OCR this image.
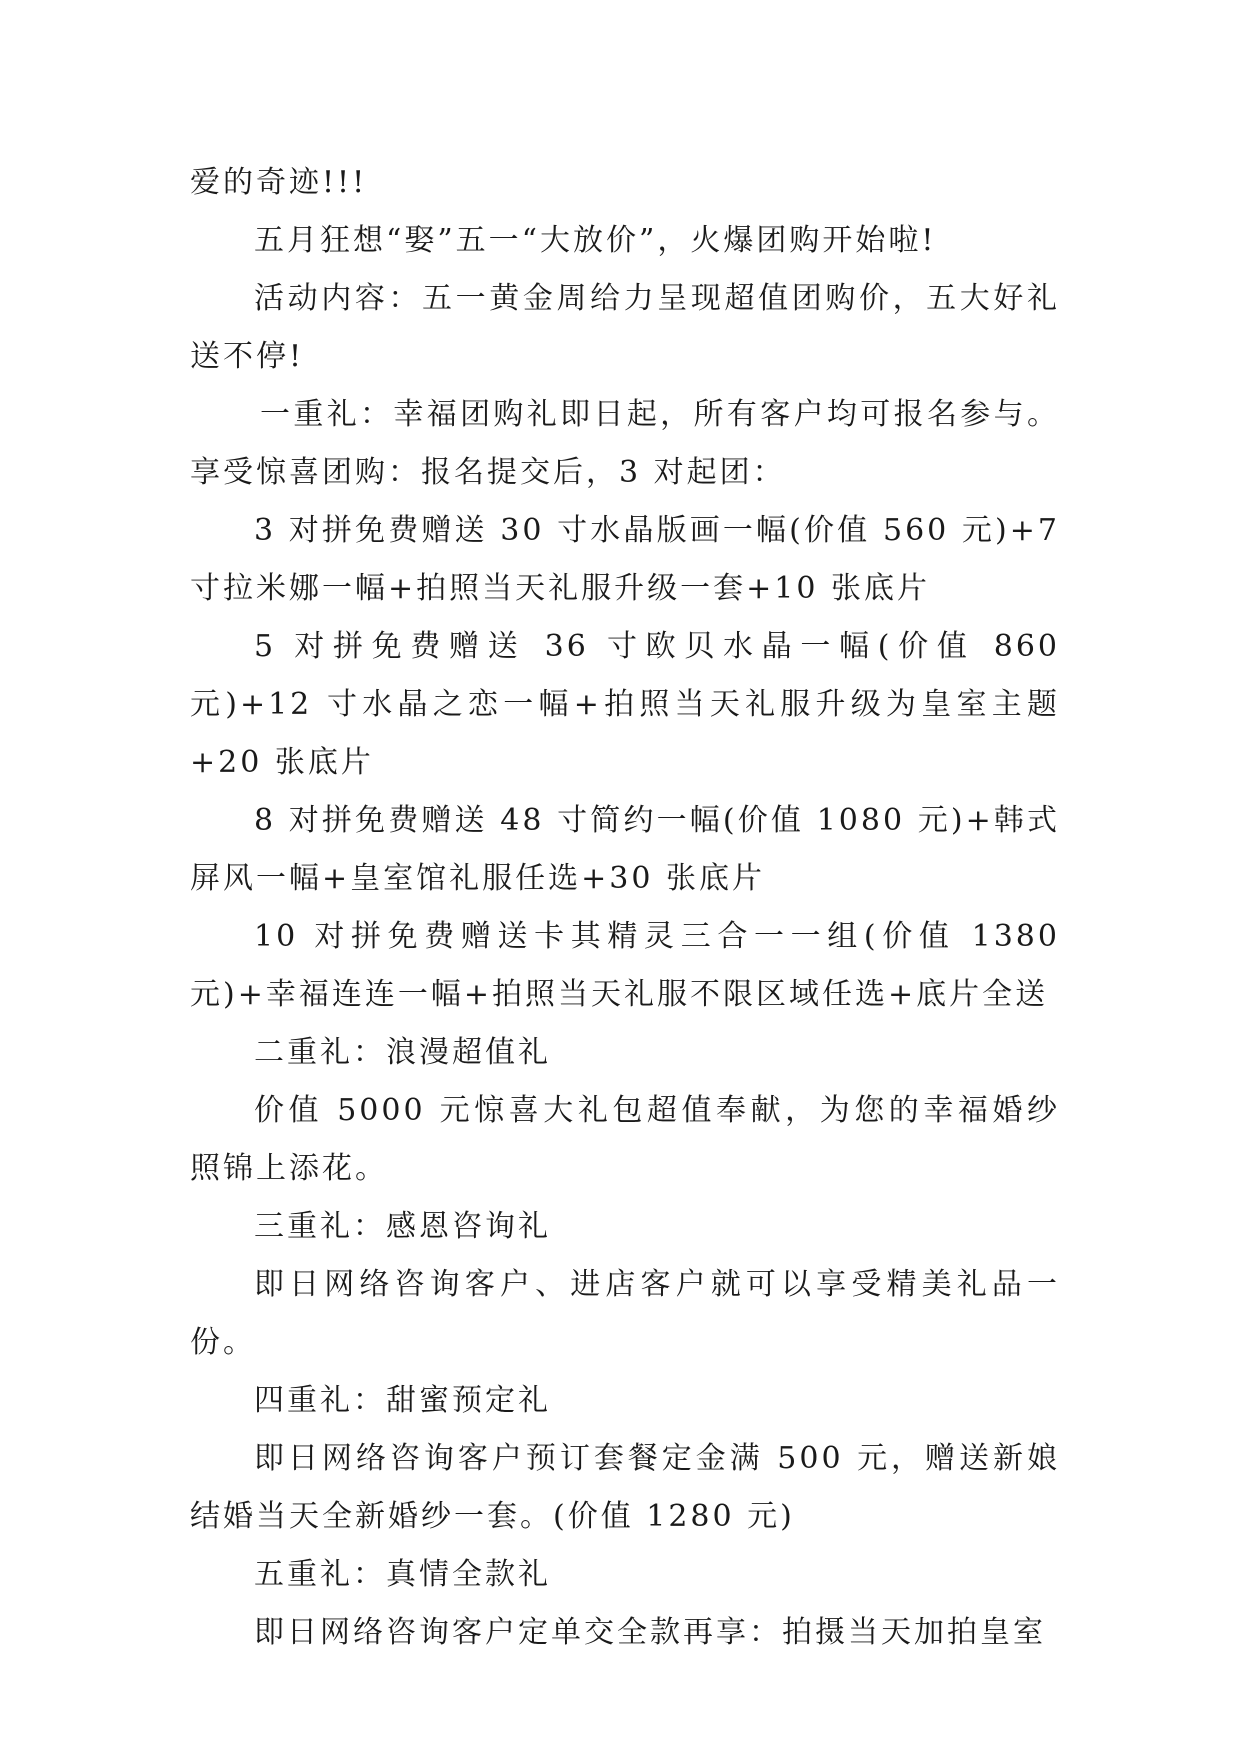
爱的奇迹!!!

五月狂想“娶”五一“大放价”，火爆团购开始啦!

活动内容：五一黄金周给力呈现超值团购价，五大好礼送不停!

一重礼：幸福团购礼即日起，所有客户均可报名参与。享受惊喜团购：报名提交后，3 对起团：

3 对拼免费赠送 30 寸水晶版画一幅(价值 560 元)+7 寸拉米娜一幅+拍照当天礼服升级一套+10 张底片

5 对拼免费赠送 36 寸欧贝水晶一幅(价值 860 元)+12 寸水晶之恋一幅+拍照当天礼服升级为皇室主题+20 张底片

8 对拼免费赠送 48 寸简约一幅(价值 1080 元)+韩式屏风一幅+皇室馆礼服任选+30 张底片

10 对拼免费赠送卡其精灵三合一一组(价值 1380 元)+幸福连连一幅+拍照当天礼服不限区域任选+底片全送

二重礼：浪漫超值礼

价值 5000 元惊喜大礼包超值奉献，为您的幸福婚纱照锦上添花。

三重礼：感恩咨询礼

即日网络咨询客户、进店客户就可以享受精美礼品一份。

四重礼：甜蜜预定礼

即日网络咨询客户预订套餐定金满 500 元，赠送新娘结婚当天全新婚纱一套。(价值 1280 元)

五重礼：真情全款礼

即日网络咨询客户定单交全款再享：拍摄当天加拍皇室
